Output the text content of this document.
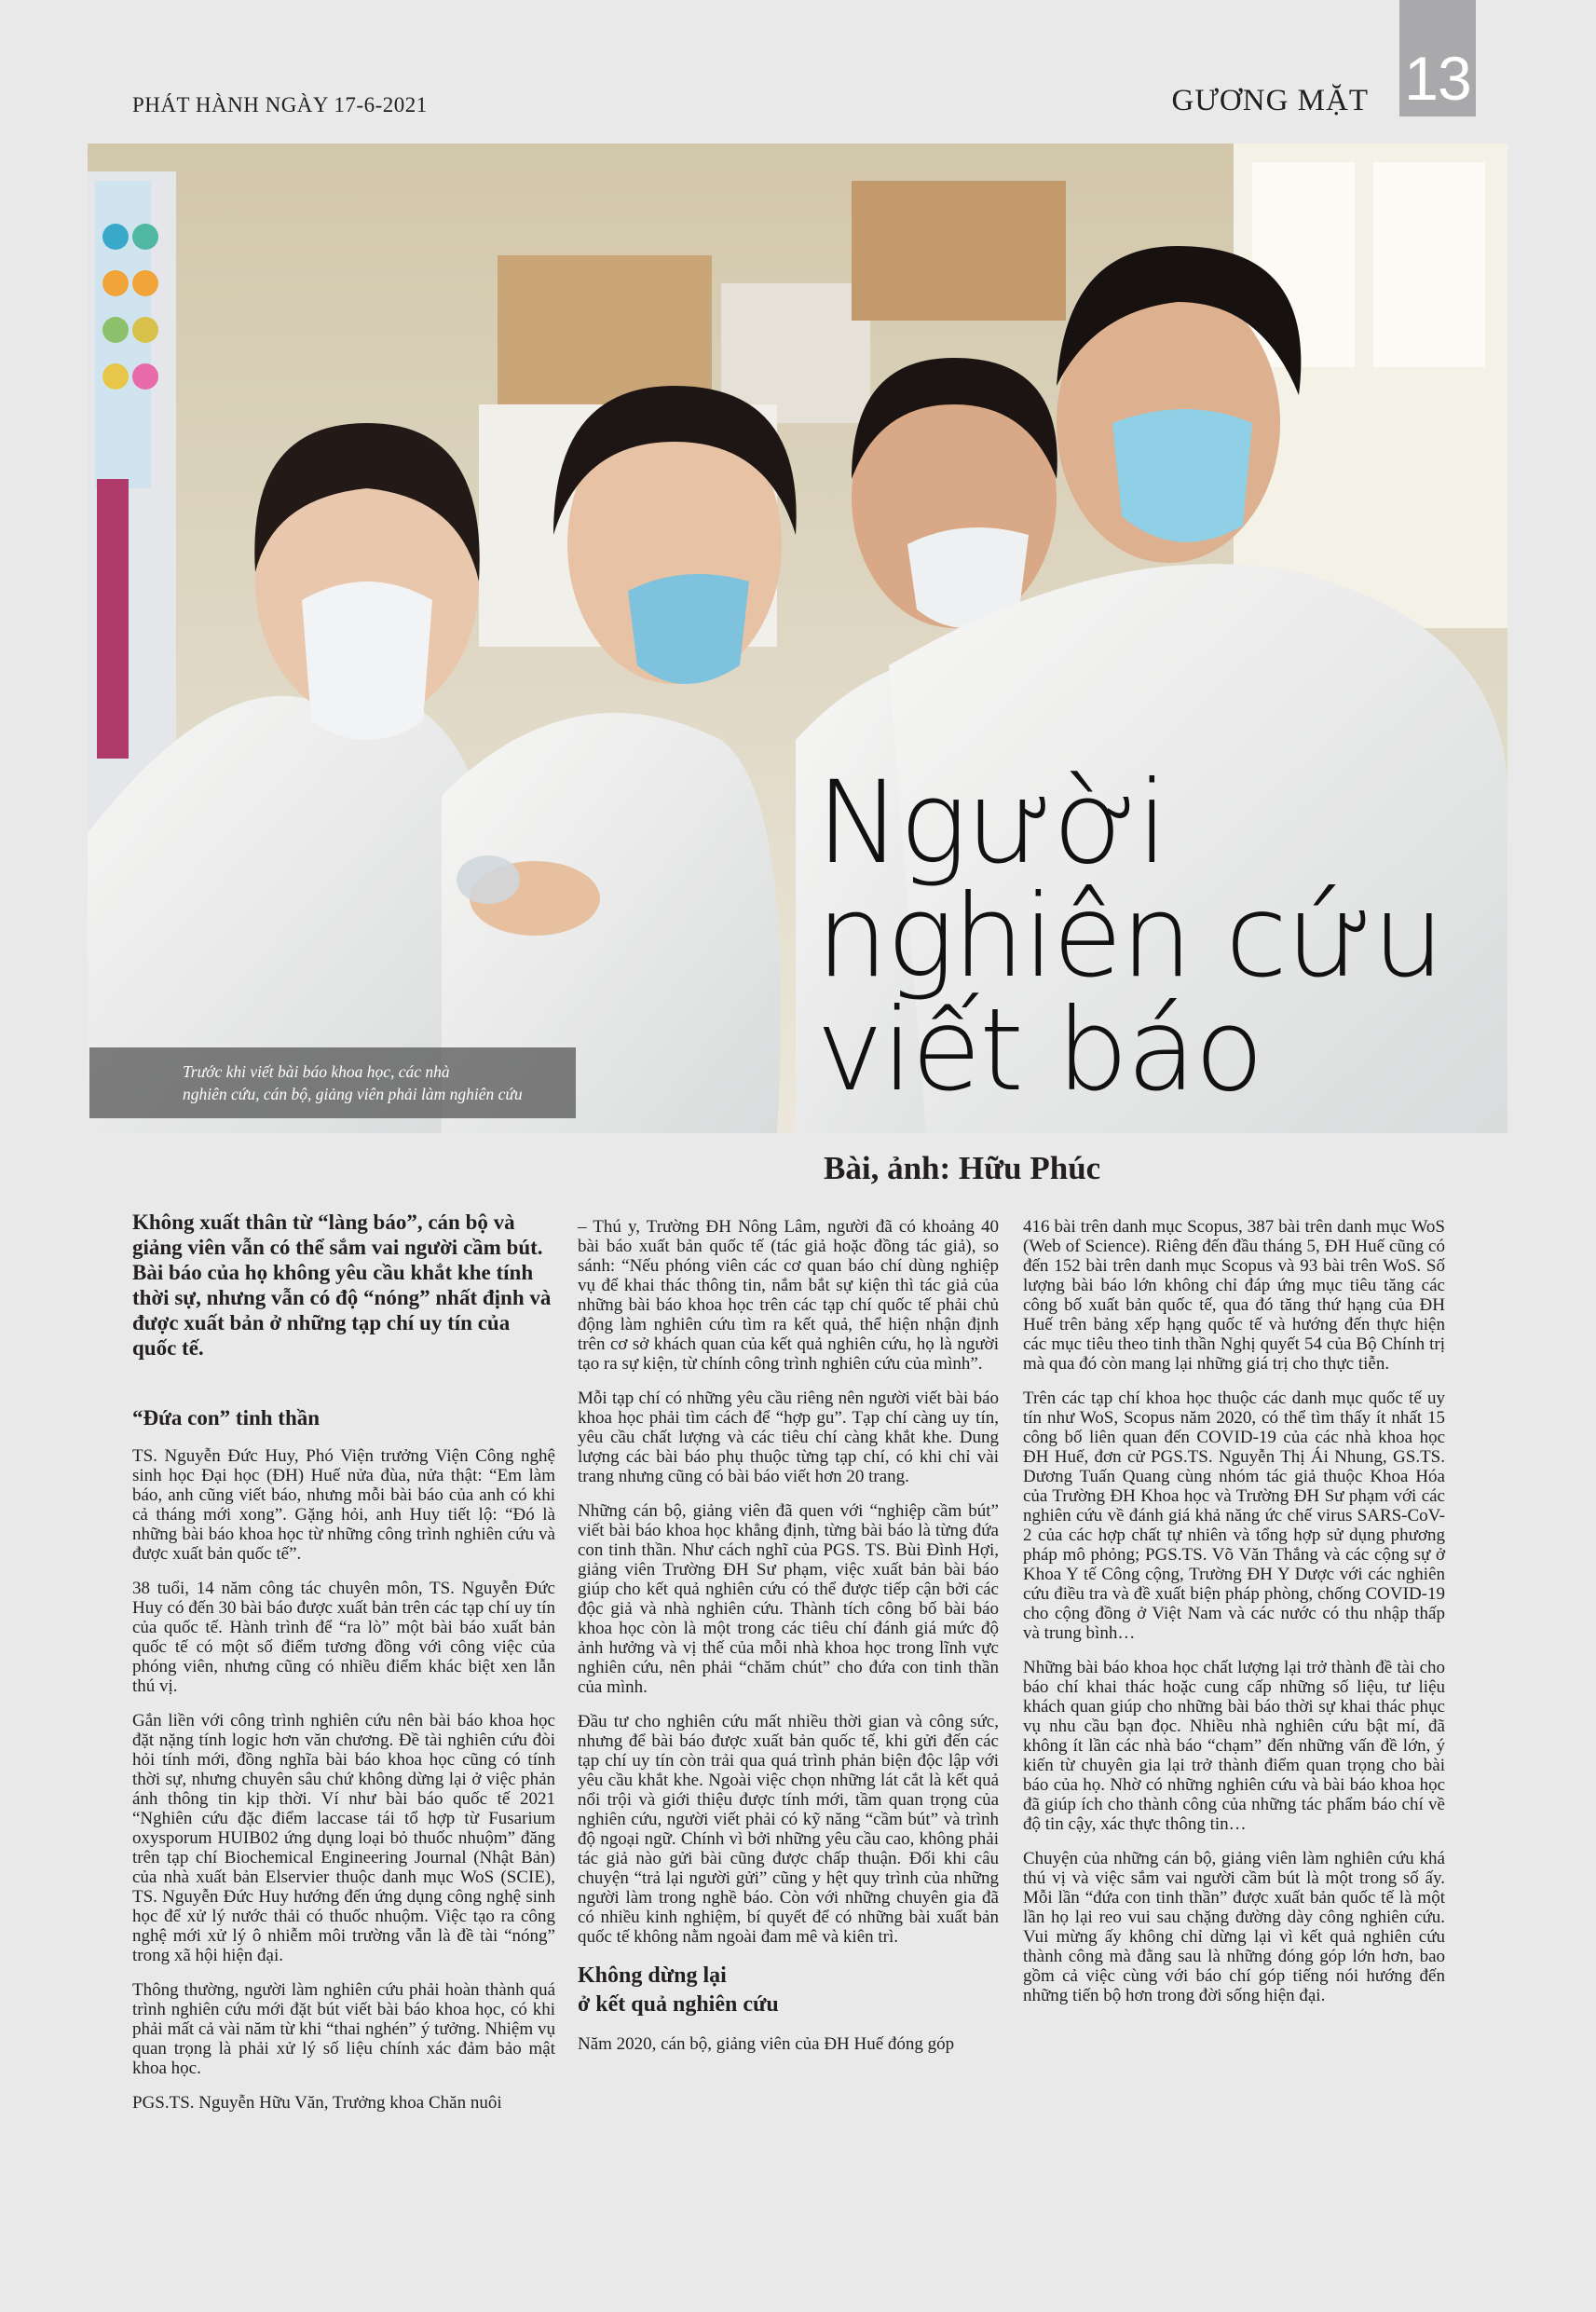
PHÁT HÀNH NGÀY 17-6-2021	GƯƠNG MẶT 13

Trước khi viết bài báo khoa học, các nhà

nghiên cứu, cán bộ, giảng viên phải làm nghiên cứu

Người
nghiên cứu
viết báo
Bài, ảnh: Hữu Phúc

Không xuất thân từ “làng báo”, cán bộ và giảng viên vẫn có thể sắm vai người cầm bút. Bài báo của họ không yêu cầu khắt khe tính thời sự, nhưng vẫn có độ “nóng” nhất định và được xuất bản ở những tạp chí uy tín của quốc tế.

“Đứa con” tinh thần

TS. Nguyễn Đức Huy, Phó Viện trưởng Viện Công nghệ sinh học Đại học (ĐH) Huế nửa đùa, nửa thật: “Em làm báo, anh cũng viết báo, nhưng mỗi bài báo của anh có khi cả tháng mới xong”. Gặng hỏi, anh Huy tiết lộ: “Đó là những bài báo khoa học từ những công trình nghiên cứu và được xuất bản quốc tế”.

38 tuổi, 14 năm công tác chuyên môn, TS. Nguyễn Đức Huy có đến 30 bài báo được xuất bản trên các tạp chí uy tín của quốc tế. Hành trình để “ra lò” một bài báo xuất bản quốc tế có một số điểm tương đồng với công việc của phóng viên, nhưng cũng có nhiều điểm khác biệt xen lẫn thú vị.

Gắn liền với công trình nghiên cứu nên bài báo khoa học đặt nặng tính logic hơn văn chương. Đề tài nghiên cứu đòi hỏi tính mới, đồng nghĩa bài báo khoa học cũng có tính thời sự, nhưng chuyên sâu chứ không dừng lại ở việc phản ánh thông tin kịp thời. Ví như bài báo quốc tế 2021 “Nghiên cứu đặc điểm laccase tái tổ hợp từ Fusarium oxysporum HUIB02 ứng dụng loại bỏ thuốc nhuộm” đăng trên tạp chí Biochemical Engineering Journal (Nhật Bản) của nhà xuất bản Elservier thuộc danh mục WoS (SCIE), TS. Nguyễn Đức Huy hướng đến ứng dụng công nghệ sinh học để xử lý nước thải có thuốc nhuộm. Việc tạo ra công nghệ mới xử lý ô nhiễm môi trường vẫn là đề tài “nóng” trong xã hội hiện đại.

Thông thường, người làm nghiên cứu phải hoàn thành quá trình nghiên cứu mới đặt bút viết bài báo khoa học, có khi phải mất cả vài năm từ khi “thai nghén” ý tưởng. Nhiệm vụ quan trọng là phải xử lý số liệu chính xác đảm bảo mật khoa học.

PGS.TS. Nguyễn Hữu Văn, Trưởng khoa Chăn nuôi

– Thú y, Trường ĐH Nông Lâm, người đã có khoảng 40 bài báo xuất bản quốc tế (tác giả hoặc đồng tác giả), so sánh: “Nếu phóng viên các cơ quan báo chí dùng nghiệp vụ để khai thác thông tin, nắm bắt sự kiện thì tác giả của những bài báo khoa học trên các tạp chí quốc tế phải chủ động làm nghiên cứu tìm ra kết quả, thể hiện nhận định trên cơ sở khách quan của kết quả nghiên cứu, họ là người tạo ra sự kiện, từ chính công trình nghiên cứu của mình”.

Mỗi tạp chí có những yêu cầu riêng nên người viết bài báo khoa học phải tìm cách để “hợp gu”. Tạp chí càng uy tín, yêu cầu chất lượng và các tiêu chí càng khắt khe. Dung lượng các bài báo phụ thuộc từng tạp chí, có khi chỉ vài trang nhưng cũng có bài báo viết hơn 20 trang.

Những cán bộ, giảng viên đã quen với “nghiệp cầm bút” viết bài báo khoa học khẳng định, từng bài báo là từng đứa con tinh thần. Như cách nghĩ của PGS. TS. Bùi Đình Hợi, giảng viên Trường ĐH Sư phạm, việc xuất bản bài báo giúp cho kết quả nghiên cứu có thể được tiếp cận bởi các độc giả và nhà nghiên cứu. Thành tích công bố bài báo khoa học còn là một trong các tiêu chí đánh giá mức độ ảnh hưởng và vị thế của mỗi nhà khoa học trong lĩnh vực nghiên cứu, nên phải “chăm chút” cho đứa con tinh thần của mình.

Đầu tư cho nghiên cứu mất nhiều thời gian và công sức, nhưng để bài báo được xuất bản quốc tế, khi gửi đến các tạp chí uy tín còn trải qua quá trình phản biện độc lập với yêu cầu khắt khe. Ngoài việc chọn những lát cắt là kết quả nổi trội và giới thiệu được tính mới, tầm quan trọng của nghiên cứu, người viết phải có kỹ năng “cầm bút” và trình độ ngoại ngữ. Chính vì bởi những yêu cầu cao, không phải tác giả nào gửi bài cũng được chấp thuận. Đối khi câu chuyện “trả lại người gửi” cũng y hệt quy trình của những người làm trong nghề báo. Còn với những chuyên gia đã có nhiều kinh nghiệm, bí quyết để có những bài xuất bản quốc tế không nằm ngoài đam mê và kiên trì.

Không dừng lại
ở kết quả nghiên cứu

Năm 2020, cán bộ, giảng viên của ĐH Huế đóng góp

416 bài trên danh mục Scopus, 387 bài trên danh mục WoS (Web of Science). Riêng đến đầu tháng 5, ĐH Huế cũng có đến 152 bài trên danh mục Scopus và 93 bài trên WoS. Số lượng bài báo lớn không chỉ đáp ứng mục tiêu tăng các công bố xuất bản quốc tế, qua đó tăng thứ hạng của ĐH Huế trên bảng xếp hạng quốc tế và hướng đến thực hiện các mục tiêu theo tinh thần Nghị quyết 54 của Bộ Chính trị mà qua đó còn mang lại những giá trị cho thực tiễn.

Trên các tạp chí khoa học thuộc các danh mục quốc tế uy tín như WoS, Scopus năm 2020, có thể tìm thấy ít nhất 15 công bố liên quan đến COVID-19 của các nhà khoa học ĐH Huế, đơn cử PGS.TS. Nguyễn Thị Ái Nhung, GS.TS. Dương Tuấn Quang cùng nhóm tác giả thuộc Khoa Hóa của Trường ĐH Khoa học và Trường ĐH Sư phạm với các nghiên cứu về đánh giá khả năng ức chế virus SARS-CoV-2 của các hợp chất tự nhiên và tổng hợp sử dụng phương pháp mô phỏng; PGS.TS. Võ Văn Thắng và các cộng sự ở Khoa Y tế Công cộng, Trường ĐH Y Dược với các nghiên cứu điều tra và đề xuất biện pháp phòng, chống COVID-19 cho cộng đồng ở Việt Nam và các nước có thu nhập thấp và trung bình…

Những bài báo khoa học chất lượng lại trở thành đề tài cho báo chí khai thác hoặc cung cấp những số liệu, tư liệu khách quan giúp cho những bài báo thời sự khai thác phục vụ nhu cầu bạn đọc. Nhiều nhà nghiên cứu bật mí, đã không ít lần các nhà báo “chạm” đến những vấn đề lớn, ý kiến từ chuyên gia lại trở thành điểm quan trọng cho bài báo của họ. Nhờ có những nghiên cứu và bài báo khoa học đã giúp ích cho thành công của những tác phẩm báo chí về độ tin cậy, xác thực thông tin…

Chuyện của những cán bộ, giảng viên làm nghiên cứu khá thú vị và việc sắm vai người cầm bút là một trong số ấy. Mỗi lần “đứa con tinh thần” được xuất bản quốc tế là một lần họ lại reo vui sau chặng đường dày công nghiên cứu. Vui mừng ấy không chỉ dừng lại vì kết quả nghiên cứu thành công mà đằng sau là những đóng góp lớn hơn, bao gồm cả việc cùng với báo chí góp tiếng nói hướng đến những tiến bộ hơn trong đời sống hiện đại.
